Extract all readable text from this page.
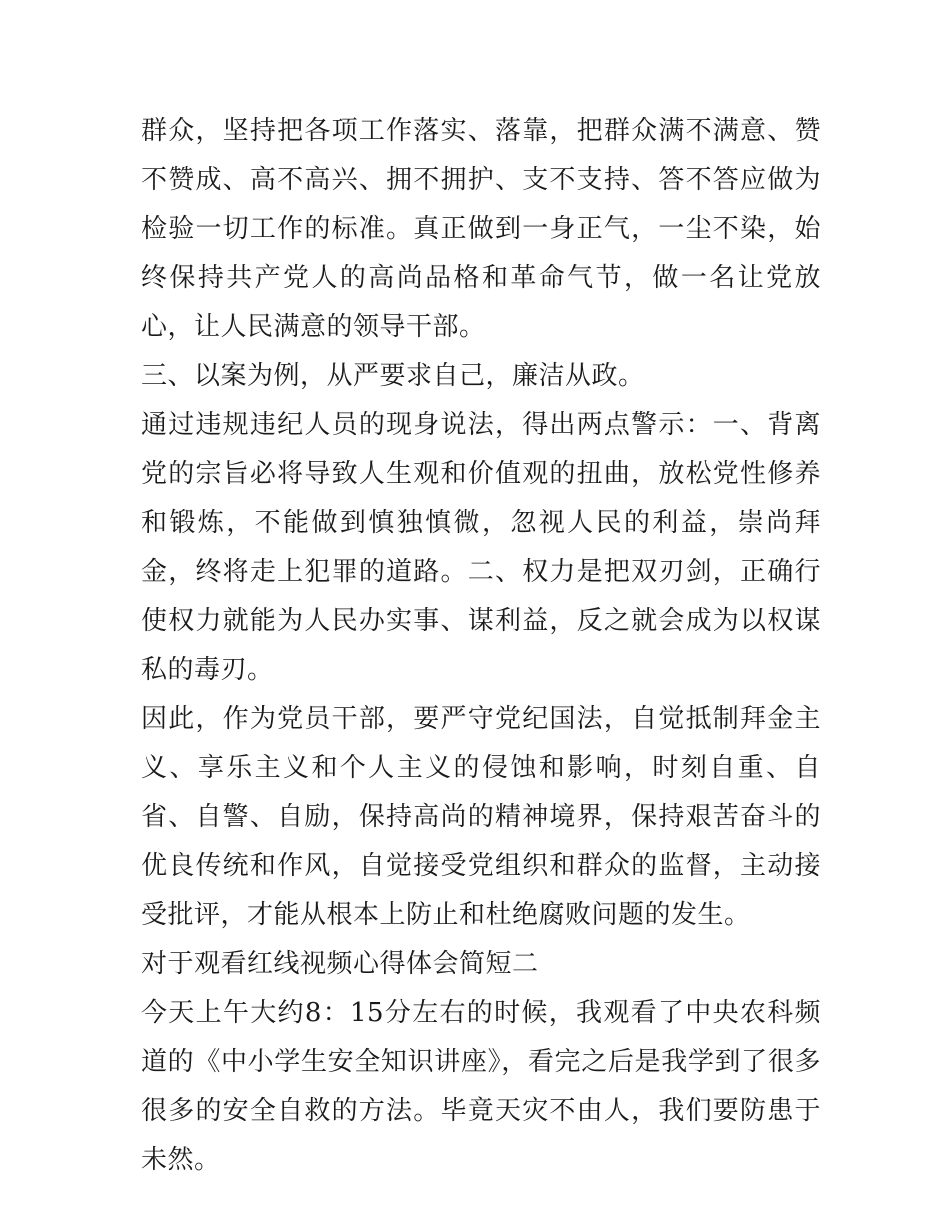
群众，坚持把各项工作落实、落靠，把群众满不满意、赞不赞成、高不高兴、拥不拥护、支不支持、答不答应做为检验一切工作的标准。真正做到一身正气，一尘不染，始终保持共产党人的高尚品格和革命气节，做一名让党放心，让人民满意的领导干部。

三、以案为例，从严要求自己，廉洁从政。

通过违规违纪人员的现身说法，得出两点警示：一、背离党的宗旨必将导致人生观和价值观的扭曲，放松党性修养和锻炼，不能做到慎独慎微，忽视人民的利益，崇尚拜金，终将走上犯罪的道路。二、权力是把双刃剑，正确行使权力就能为人民办实事、谋利益，反之就会成为以权谋私的毒刃。

因此，作为党员干部，要严守党纪国法，自觉抵制拜金主义、享乐主义和个人主义的侵蚀和影响，时刻自重、自省、自警、自励，保持高尚的精神境界，保持艰苦奋斗的优良传统和作风，自觉接受党组织和群众的监督，主动接受批评，才能从根本上防止和杜绝腐败问题的发生。

对于观看红线视频心得体会简短二

今天上午大约8：15分左右的时候，我观看了中央农科频道的《中小学生安全知识讲座》，看完之后是我学到了很多很多的安全自救的方法。毕竟天灾不由人，我们要防患于未然。
